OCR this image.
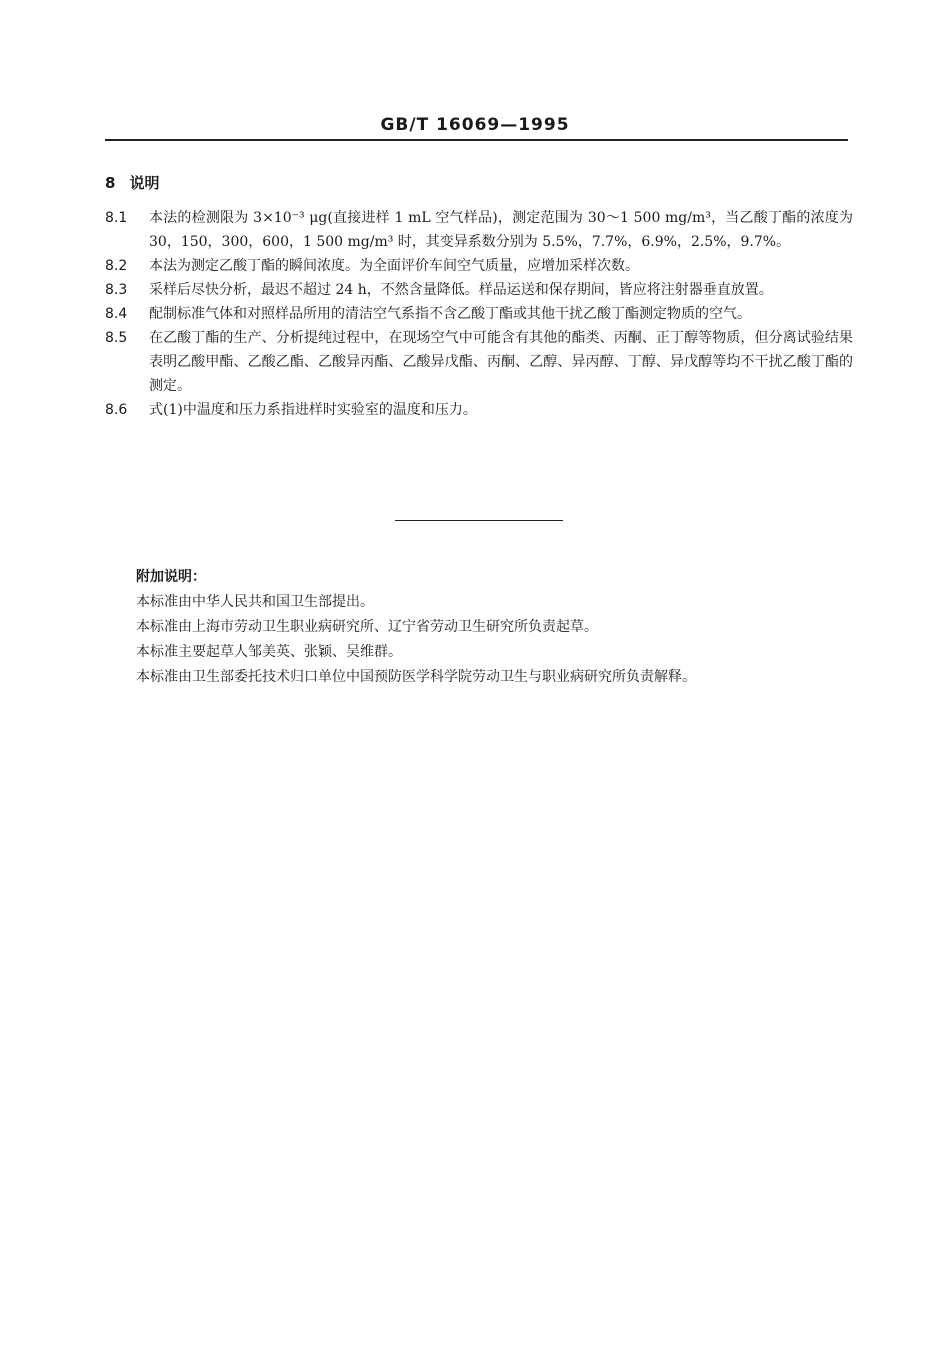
GB/T 16069—1995
8 说明
8.1	本法的检测限为 3×10⁻³ μg(直接进样 1 mL 空气样品)，测定范围为 30～1 500 mg/m³，当乙酸丁酯的浓度为 30，150，300，600，1 500 mg/m³ 时，其变异系数分别为 5.5%，7.7%，6.9%，2.5%，9.7%。
8.2	本法为测定乙酸丁酯的瞬间浓度。为全面评价车间空气质量，应增加采样次数。
8.3	采样后尽快分析，最迟不超过 24 h，不然含量降低。样品运送和保存期间，皆应将注射器垂直放置。
8.4	配制标准气体和对照样品所用的清洁空气系指不含乙酸丁酯或其他干扰乙酸丁酯测定物质的空气。
8.5	在乙酸丁酯的生产、分析提纯过程中，在现场空气中可能含有其他的酯类、丙酮、正丁醇等物质，但分离试验结果表明乙酸甲酯、乙酸乙酯、乙酸异丙酯、乙酸异戊酯、丙酮、乙醇、异丙醇、丁醇、异戊醇等均不干扰乙酸丁酯的测定。
8.6	式(1)中温度和压力系指进样时实验室的温度和压力。
附加说明：
本标准由中华人民共和国卫生部提出。
本标准由上海市劳动卫生职业病研究所、辽宁省劳动卫生研究所负责起草。
本标准主要起草人邹美英、张颖、吴维群。
本标准由卫生部委托技术归口单位中国预防医学科学院劳动卫生与职业病研究所负责解释。
